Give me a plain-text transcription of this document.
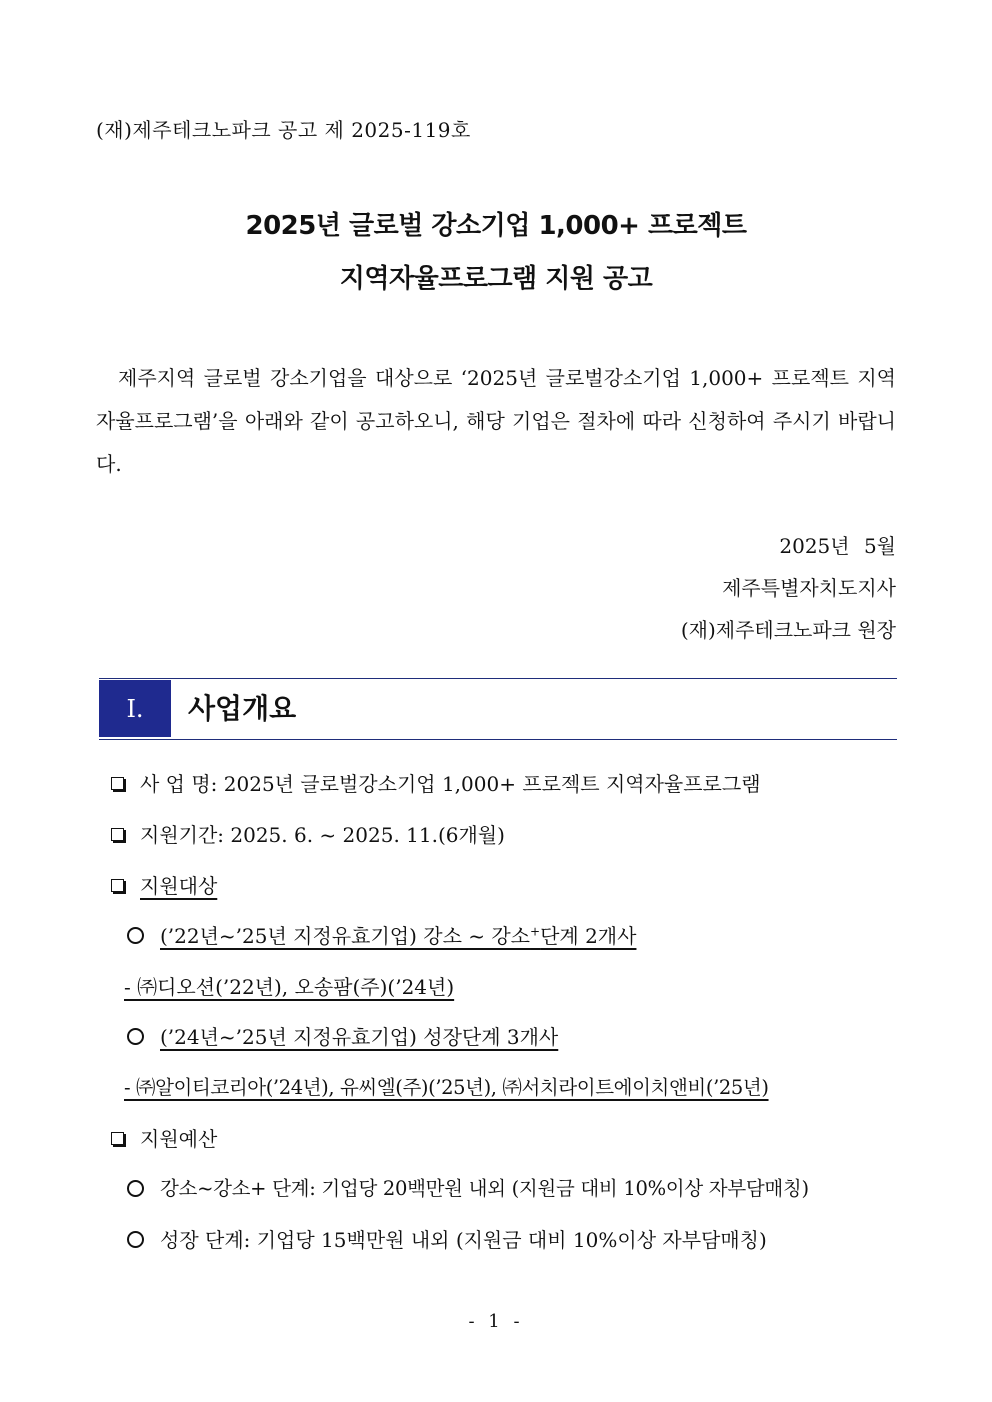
(재)제주테크노파크 공고 제 2025-119호
2025년 글로벌 강소기업 1,000+ 프로젝트
지역자율프로그램 지원 공고

제주지역 글로벌 강소기업을 대상으로 ‘2025년 글로벌강소기업 1,000+ 프로젝트 지역자율프로그램’을 아래와 같이 공고하오니, 해당 기업은 절차에 따라 신청하여 주시기 바랍니다.

2025년 5월
제주특별자치도지사
(재)제주테크노파크 원장
Ⅰ. 사업개요
사 업 명: 2025년 글로벌강소기업 1,000+ 프로젝트 지역자율프로그램
지원기간: 2025. 6. ~ 2025. 11.(6개월)
지원대상
(’22년~’25년 지정유효기업) 강소 ~ 강소+단계 2개사
- ㈜디오션(’22년), 오송팜(주)(’24년)
(’24년~’25년 지정유효기업) 성장단계 3개사
- ㈜알이티코리아(’24년), 유씨엘(주)(’25년), ㈜서치라이트에이치앤비(’25년)
지원예산
강소~강소+ 단계: 기업당 20백만원 내외 (지원금 대비 10%이상 자부담매칭)
성장 단계: 기업당 15백만원 내외 (지원금 대비 10%이상 자부담매칭)
- 1 -
